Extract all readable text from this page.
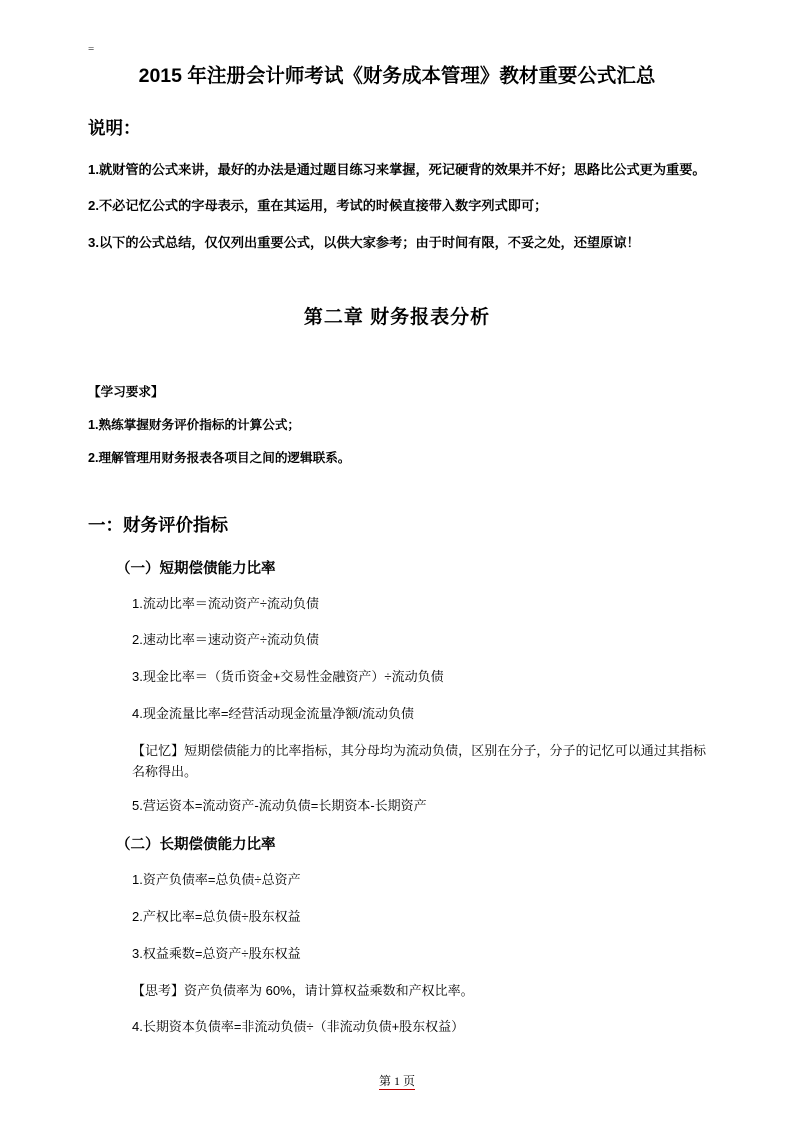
=
2015 年注册会计师考试《财务成本管理》教材重要公式汇总
说明：
1.就财管的公式来讲，最好的办法是通过题目练习来掌握，死记硬背的效果并不好；思路比公式更为重要。
2.不必记忆公式的字母表示，重在其运用，考试的时候直接带入数字列式即可；
3.以下的公式总结，仅仅列出重要公式，以供大家参考；由于时间有限，不妥之处，还望原谅！
第二章 财务报表分析
【学习要求】
1.熟练掌握财务评价指标的计算公式；
2.理解管理用财务报表各项目之间的逻辑联系。
一：财务评价指标
（一）短期偿债能力比率
1.流动比率＝流动资产÷流动负债
2.速动比率＝速动资产÷流动负债
3.现金比率＝（货币资金+交易性金融资产）÷流动负债
4.现金流量比率=经营活动现金流量净额/流动负债
【记忆】短期偿债能力的比率指标，其分母均为流动负债，区别在分子，分子的记忆可以通过其指标名称得出。
5.营运资本=流动资产-流动负债=长期资本-长期资产
（二）长期偿债能力比率
1.资产负债率=总负债÷总资产
2.产权比率=总负债÷股东权益
3.权益乘数=总资产÷股东权益
【思考】资产负债率为 60%，请计算权益乘数和产权比率。
4.长期资本负债率=非流动负债÷（非流动负债+股东权益）
第 1 页
